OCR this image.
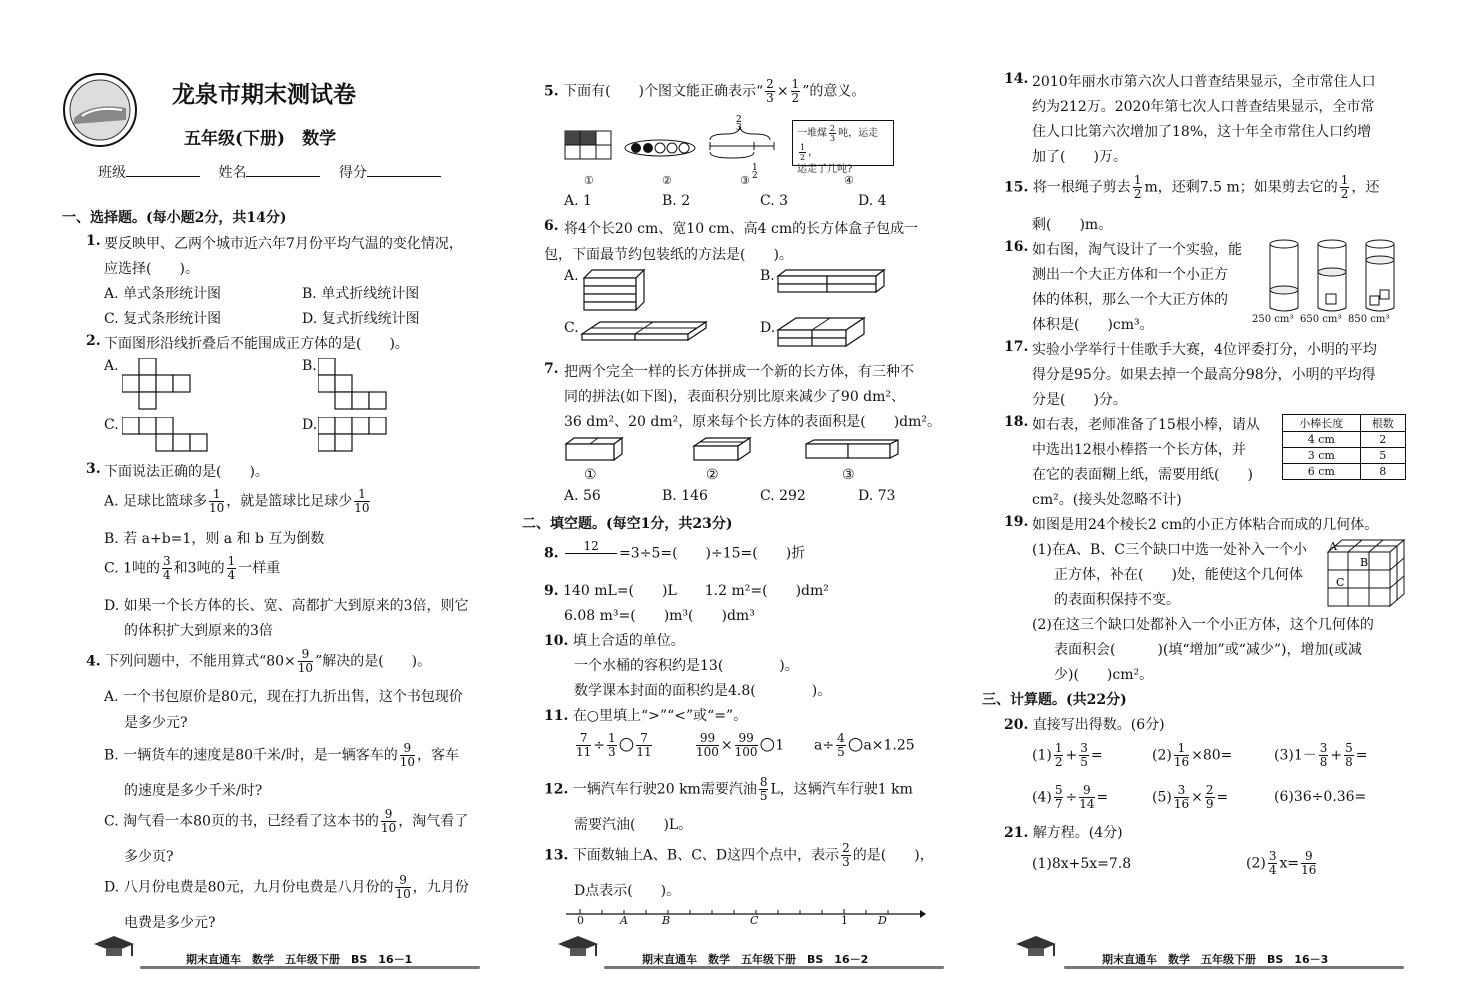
龙泉市期末测试卷
五年级(下册)　数学
班级	姓名	得分
一、选择题。(每小题2分，共14分)
1. 要反映甲、乙两个城市近六年7月份平均气温的变化情况，
应选择(　　)。
A. 单式条形统计图	B. 单式折线统计图
C. 复式条形统计图	D. 复式折线统计图
2. 下面图形沿线折叠后不能围成正方体的是(　　)。
A.	B.
C.	D.
3. 下面说法正确的是(　　)。
A. 足球比篮球多 $\frac{1}{10}$ ，就是篮球比足球少 $\frac{1}{10}$
B. 若 a+b=1，则 a 和 b 互为倒数
C. 1吨的 $\frac{3}{4}$ 和3吨的 $\frac{1}{4}$ 一样重
D. 如果一个长方体的长、宽、高都扩大到原来的3倍，则它
的体积扩大到原来的3倍
4. 下列问题中，不能用算式“$80\times \frac{9}{10}$ ”解决的是(　　)。
A. 一个书包原价是80元，现在打九折出售，这个书包现价
是多少元?
B. 一辆货车的速度是80千米/时，是一辆客车的 $\frac{9}{10}$ ，客车
的速度是多少千米/时?
C. 淘气看一本80页的书，已经看了这本书的 $\frac{9}{10}$ ，淘气看了
多少页?
D. 八月份电费是80元，九月份电费是八月份的 $\frac{9}{10}$ ，九月份
电费是多少元?
期末直通车　数学　五年级下册　BS　16－1
5. 下面有(　　)个图文能正确表示“ $\frac{2}{3} \times \frac{1}{2}$ ”的意义。
2
3
1
2
一堆煤 $\frac{2}{3}$ 吨，运走
$\frac{1}{2}$ ，
运走了几吨?
①	②	③	④
A. 1	B. 2	C. 3	D. 4
6. 将4个长20 cm、宽10 cm、高4 cm的长方体盒子包成一
包，下面最节约包装纸的方法是(　　)。
A.	B.
C.	D.
7. 把两个完全一样的长方体拼成一个新的长方体，有三种不
同的拼法(如下图)，表面积分别比原来减少了90 dm²、
36 dm²、20 dm²，原来每个长方体的表面积是(　　)dm²。
①	②	③
A. 56	B. 146	C. 292	D. 73
二、填空题。(每空1分，共23分)
8.	12
	=3÷5=(　　)÷15=(　　)折
9. 140 mL=(　　)L　　1.2 m²=(　　)dm²
6.08 m³=(　　)m³(　　)dm³
10. 填上合适的单位。
一个水桶的容积约是13(　　　　)。
数学课本封面的面积约是4.8(　　　　)。
11. 在○里填上“>”“<”或“=”。
$\frac{7}{11} \div \frac{1}{3}$ ○ $\frac{7}{11}$	$\frac{99}{100} \times \frac{99}{100}$ ○1 $a\div \frac{4}{5}$ ○a×1.25
12. 一辆汽车行驶20 km需要汽油 $\frac{8}{5}$ L，这辆汽车行驶1 km
需要汽油(　　)L。
13. 下面数轴上A、B、C、D这四个点中，表示 $\frac{2}{3}$ 的是(　　)，
D点表示(　　)。
0	A	B	C	1	D
期末直通车　数学　五年级下册　BS　16－2
14. 2010年丽水市第六次人口普查结果显示，全市常住人口
约为212万。2020年第七次人口普查结果显示，全市常
住人口比第六次增加了18%，这十年全市常住人口约增
加了(　　)万。
15. 将一根绳子剪去 $\frac{1}{2}$ m，还剩7.5 m；如果剪去它的 $\frac{1}{2}$ ，还
剩(　　)m。
16. 如右图，淘气设计了一个实验，能
测出一个大正方体和一个小正方
体的体积，那么一个大正方体的
体积是(　　)cm³。	250 cm³ 650 cm³ 850 cm³
17. 实验小学举行十佳歌手大赛，4位评委打分，小明的平均
得分是95分。如果去掉一个最高分98分，小明的平均得
分是(　　)分。
18. 如右表，老师准备了15根小棒，请从
中选出12根小棒搭一个长方体，并
在它的表面糊上纸，需要用纸(　　)
cm²。(接头处忽略不计)
小棒长度	根数
4 cm	2
3 cm	5
6 cm	8
19. 如图是用24个棱长2 cm的小正方体粘合而成的几何体。
(1)在A、B、C三个缺口中选一处补入一个小
正方体，补在(　　)处，能使这个几何体
的表面积保持不变。
A
B
C
(2)在这三个缺口处都补入一个小正方体，这个几何体的
表面积会(　　　)(填“增加”或“减少”)，增加(或减
少)(　　)cm²。
三、计算题。(共22分)
20. 直接写出得数。(6分)
$(1) \frac{1}{2} + \frac{3}{5}$ =	$(2) \frac{1}{16} \times 80=$	$(3)1- \frac{3}{8} + \frac{5}{8}$ =
$(4) \frac{5}{7} \div \frac{9}{14}$ =	$(5) \frac{3}{16} \times \frac{2}{9}$ =	(6)36÷0.36=
21. 解方程。(4分)
(1)8x+5x=7.8	$(2) \frac{3}{4} x= \frac{9}{16}$
期末直通车　数学　五年级下册　BS　16－3
